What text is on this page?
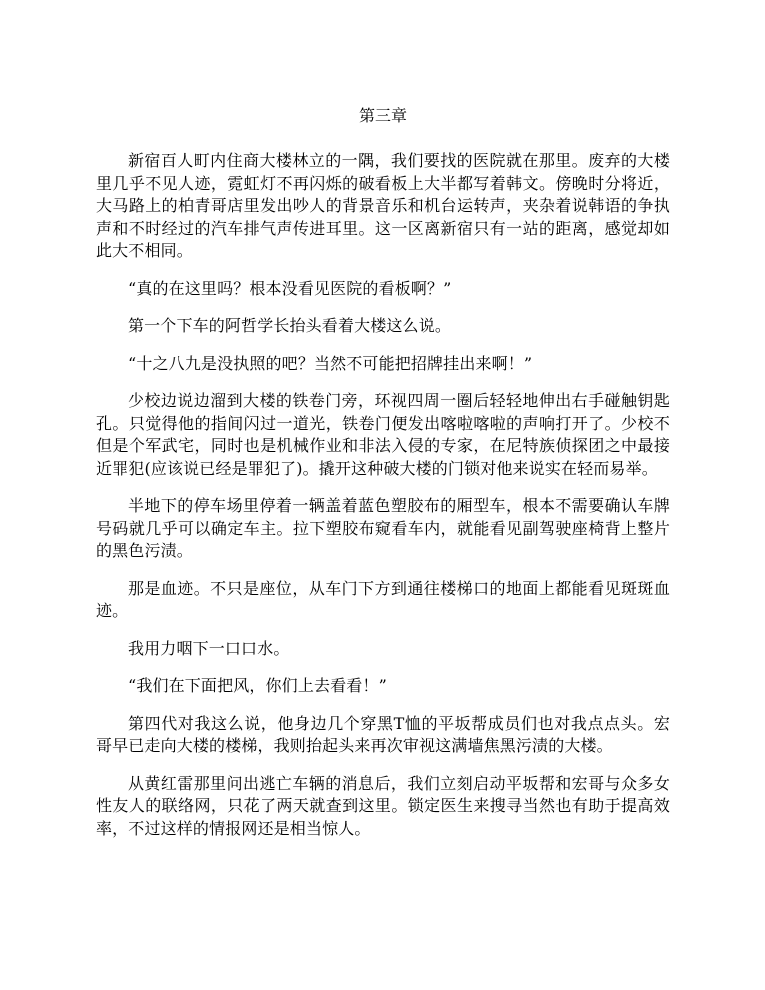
第三章

新宿百人町内住商大楼林立的一隅，我们要找的医院就在那里。废弃的大楼里几乎不见人迹，霓虹灯不再闪烁的破看板上大半都写着韩文。傍晚时分将近，大马路上的柏青哥店里发出吵人的背景音乐和机台运转声，夹杂着说韩语的争执声和不时经过的汽车排气声传进耳里。这一区离新宿只有一站的距离，感觉却如此大不相同。

“真的在这里吗？根本没看见医院的看板啊？”

第一个下车的阿哲学长抬头看着大楼这么说。

“十之八九是没执照的吧？当然不可能把招牌挂出来啊！”

少校边说边溜到大楼的铁卷门旁，环视四周一圈后轻轻地伸出右手碰触钥匙孔。只觉得他的指间闪过一道光，铁卷门便发出喀啦喀啦的声响打开了。少校不但是个军武宅，同时也是机械作业和非法入侵的专家，在尼特族侦探团之中最接近罪犯(应该说已经是罪犯了)。撬开这种破大楼的门锁对他来说实在轻而易举。

半地下的停车场里停着一辆盖着蓝色塑胶布的厢型车，根本不需要确认车牌号码就几乎可以确定车主。拉下塑胶布窥看车内，就能看见副驾驶座椅背上整片的黑色污渍。

那是血迹。不只是座位，从车门下方到通往楼梯口的地面上都能看见斑斑血迹。

我用力咽下一口口水。

“我们在下面把风，你们上去看看！”

第四代对我这么说，他身边几个穿黑T恤的平坂帮成员们也对我点点头。宏哥早已走向大楼的楼梯，我则抬起头来再次审视这满墙焦黑污渍的大楼。

从黄红雷那里问出逃亡车辆的消息后，我们立刻启动平坂帮和宏哥与众多女性友人的联络网，只花了两天就查到这里。锁定医生来搜寻当然也有助于提高效率，不过这样的情报网还是相当惊人。
